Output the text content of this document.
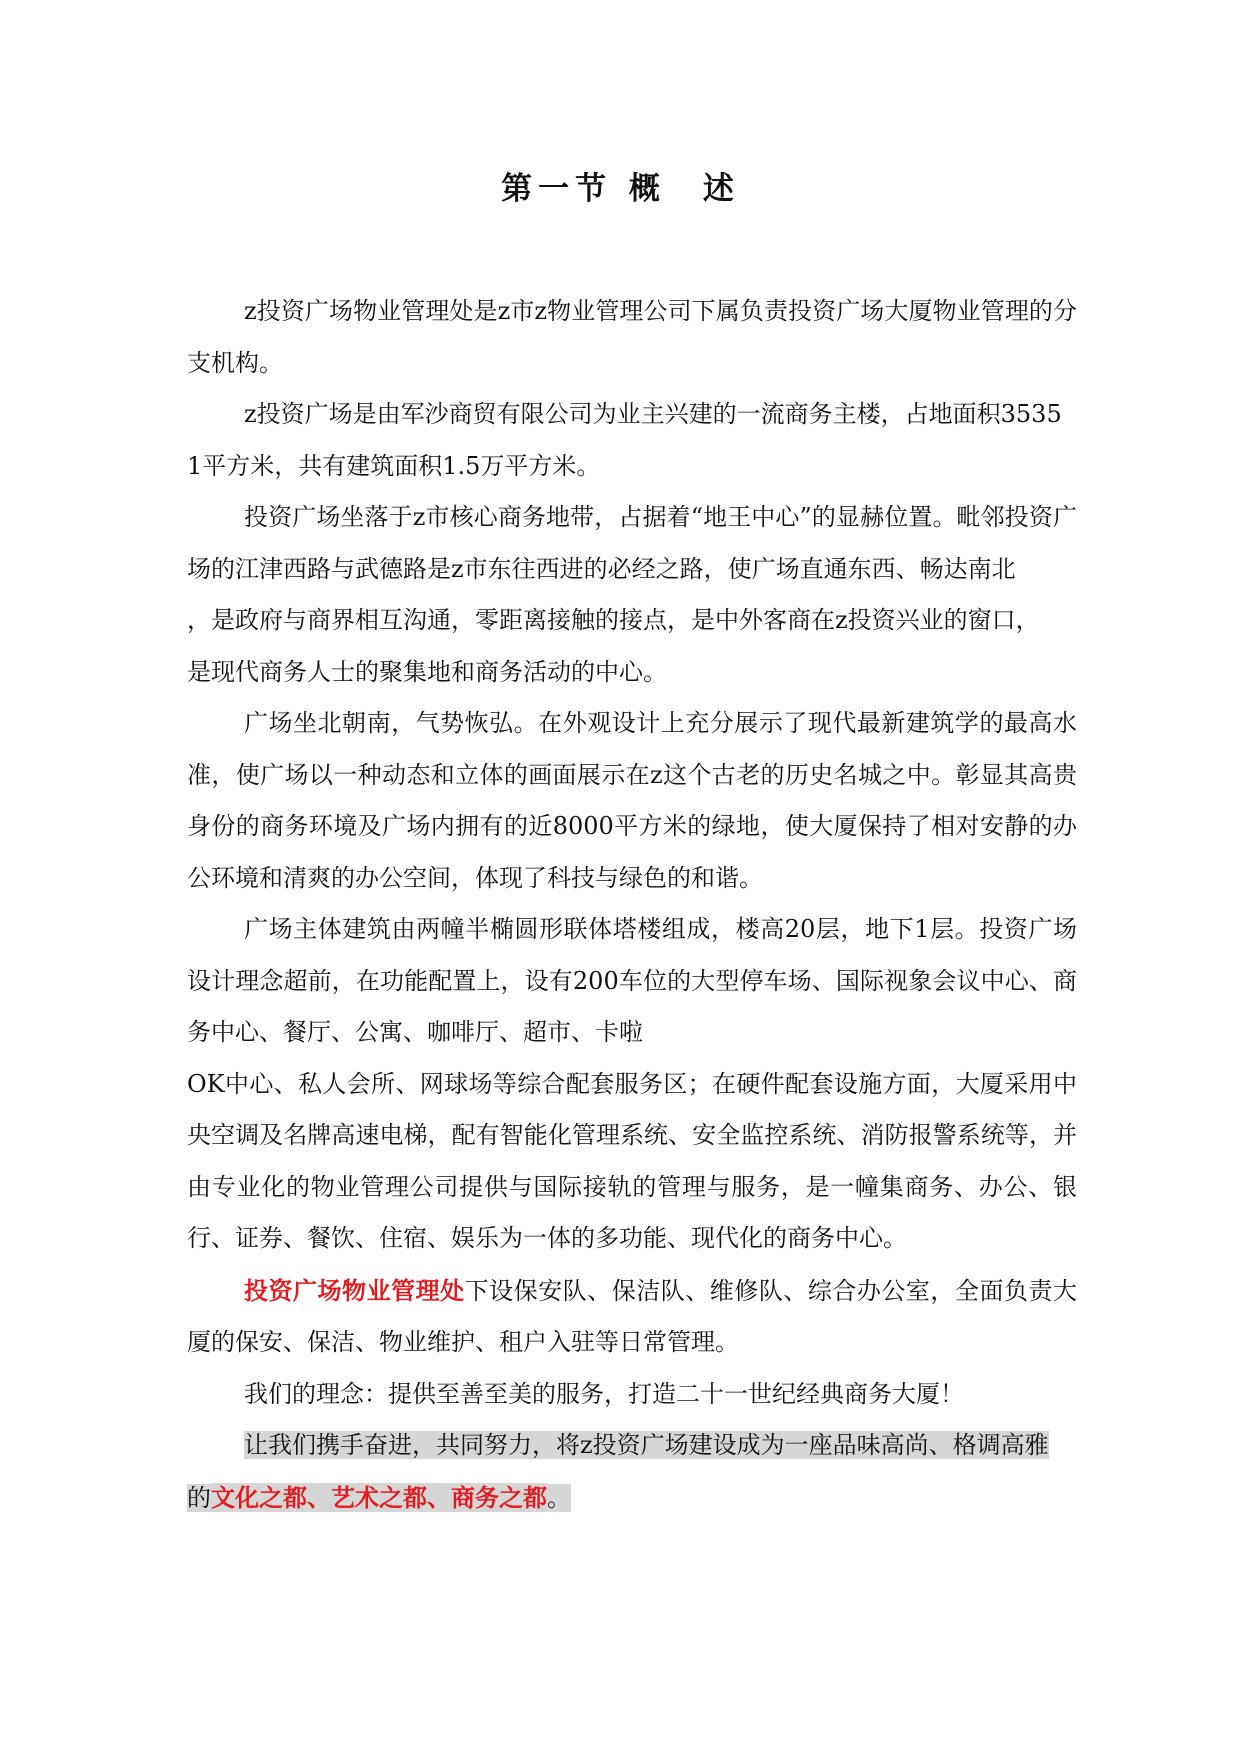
第一节 概　述

z投资广场物业管理处是z市z物业管理公司下属负责投资广场大厦物业管理的分支机构。

z投资广场是由军沙商贸有限公司为业主兴建的一流商务主楼，占地面积3535

1平方米，共有建筑面积1.5万平方米。

投资广场坐落于z市核心商务地带，占据着“地王中心”的显赫位置。毗邻投资广场的江津西路与武德路是z市东往西进的必经之路，使广场直通东西、畅达南北

，是政府与商界相互沟通，零距离接触的接点，是中外客商在z投资兴业的窗口，

是现代商务人士的聚集地和商务活动的中心。

广场坐北朝南，气势恢弘。在外观设计上充分展示了现代最新建筑学的最高水准，使广场以一种动态和立体的画面展示在z这个古老的历史名城之中。彰显其高贵身份的商务环境及广场内拥有的近8000平方米的绿地，使大厦保持了相对安静的办公环境和清爽的办公空间，体现了科技与绿色的和谐。

广场主体建筑由两幢半椭圆形联体塔楼组成，楼高20层，地下1层。投资广场设计理念超前，在功能配置上，设有200车位的大型停车场、国际视象会议中心、商务中心、餐厅、公寓、咖啡厅、超市、卡啦

OK中心、私人会所、网球场等综合配套服务区；在硬件配套设施方面，大厦采用中央空调及名牌高速电梯，配有智能化管理系统、安全监控系统、消防报警系统等，并由专业化的物业管理公司提供与国际接轨的管理与服务，是一幢集商务、办公、银行、证券、餐饮、住宿、娱乐为一体的多功能、现代化的商务中心。

投资广场物业管理处下设保安队、保洁队、维修队、综合办公室，全面负责大厦的保安、保洁、物业维护、租户入驻等日常管理。

我们的理念：提供至善至美的服务，打造二十一世纪经典商务大厦！

让我们携手奋进，共同努力，将z投资广场建设成为一座品味高尚、格调高雅

的文化之都、艺术之都、商务之都。
